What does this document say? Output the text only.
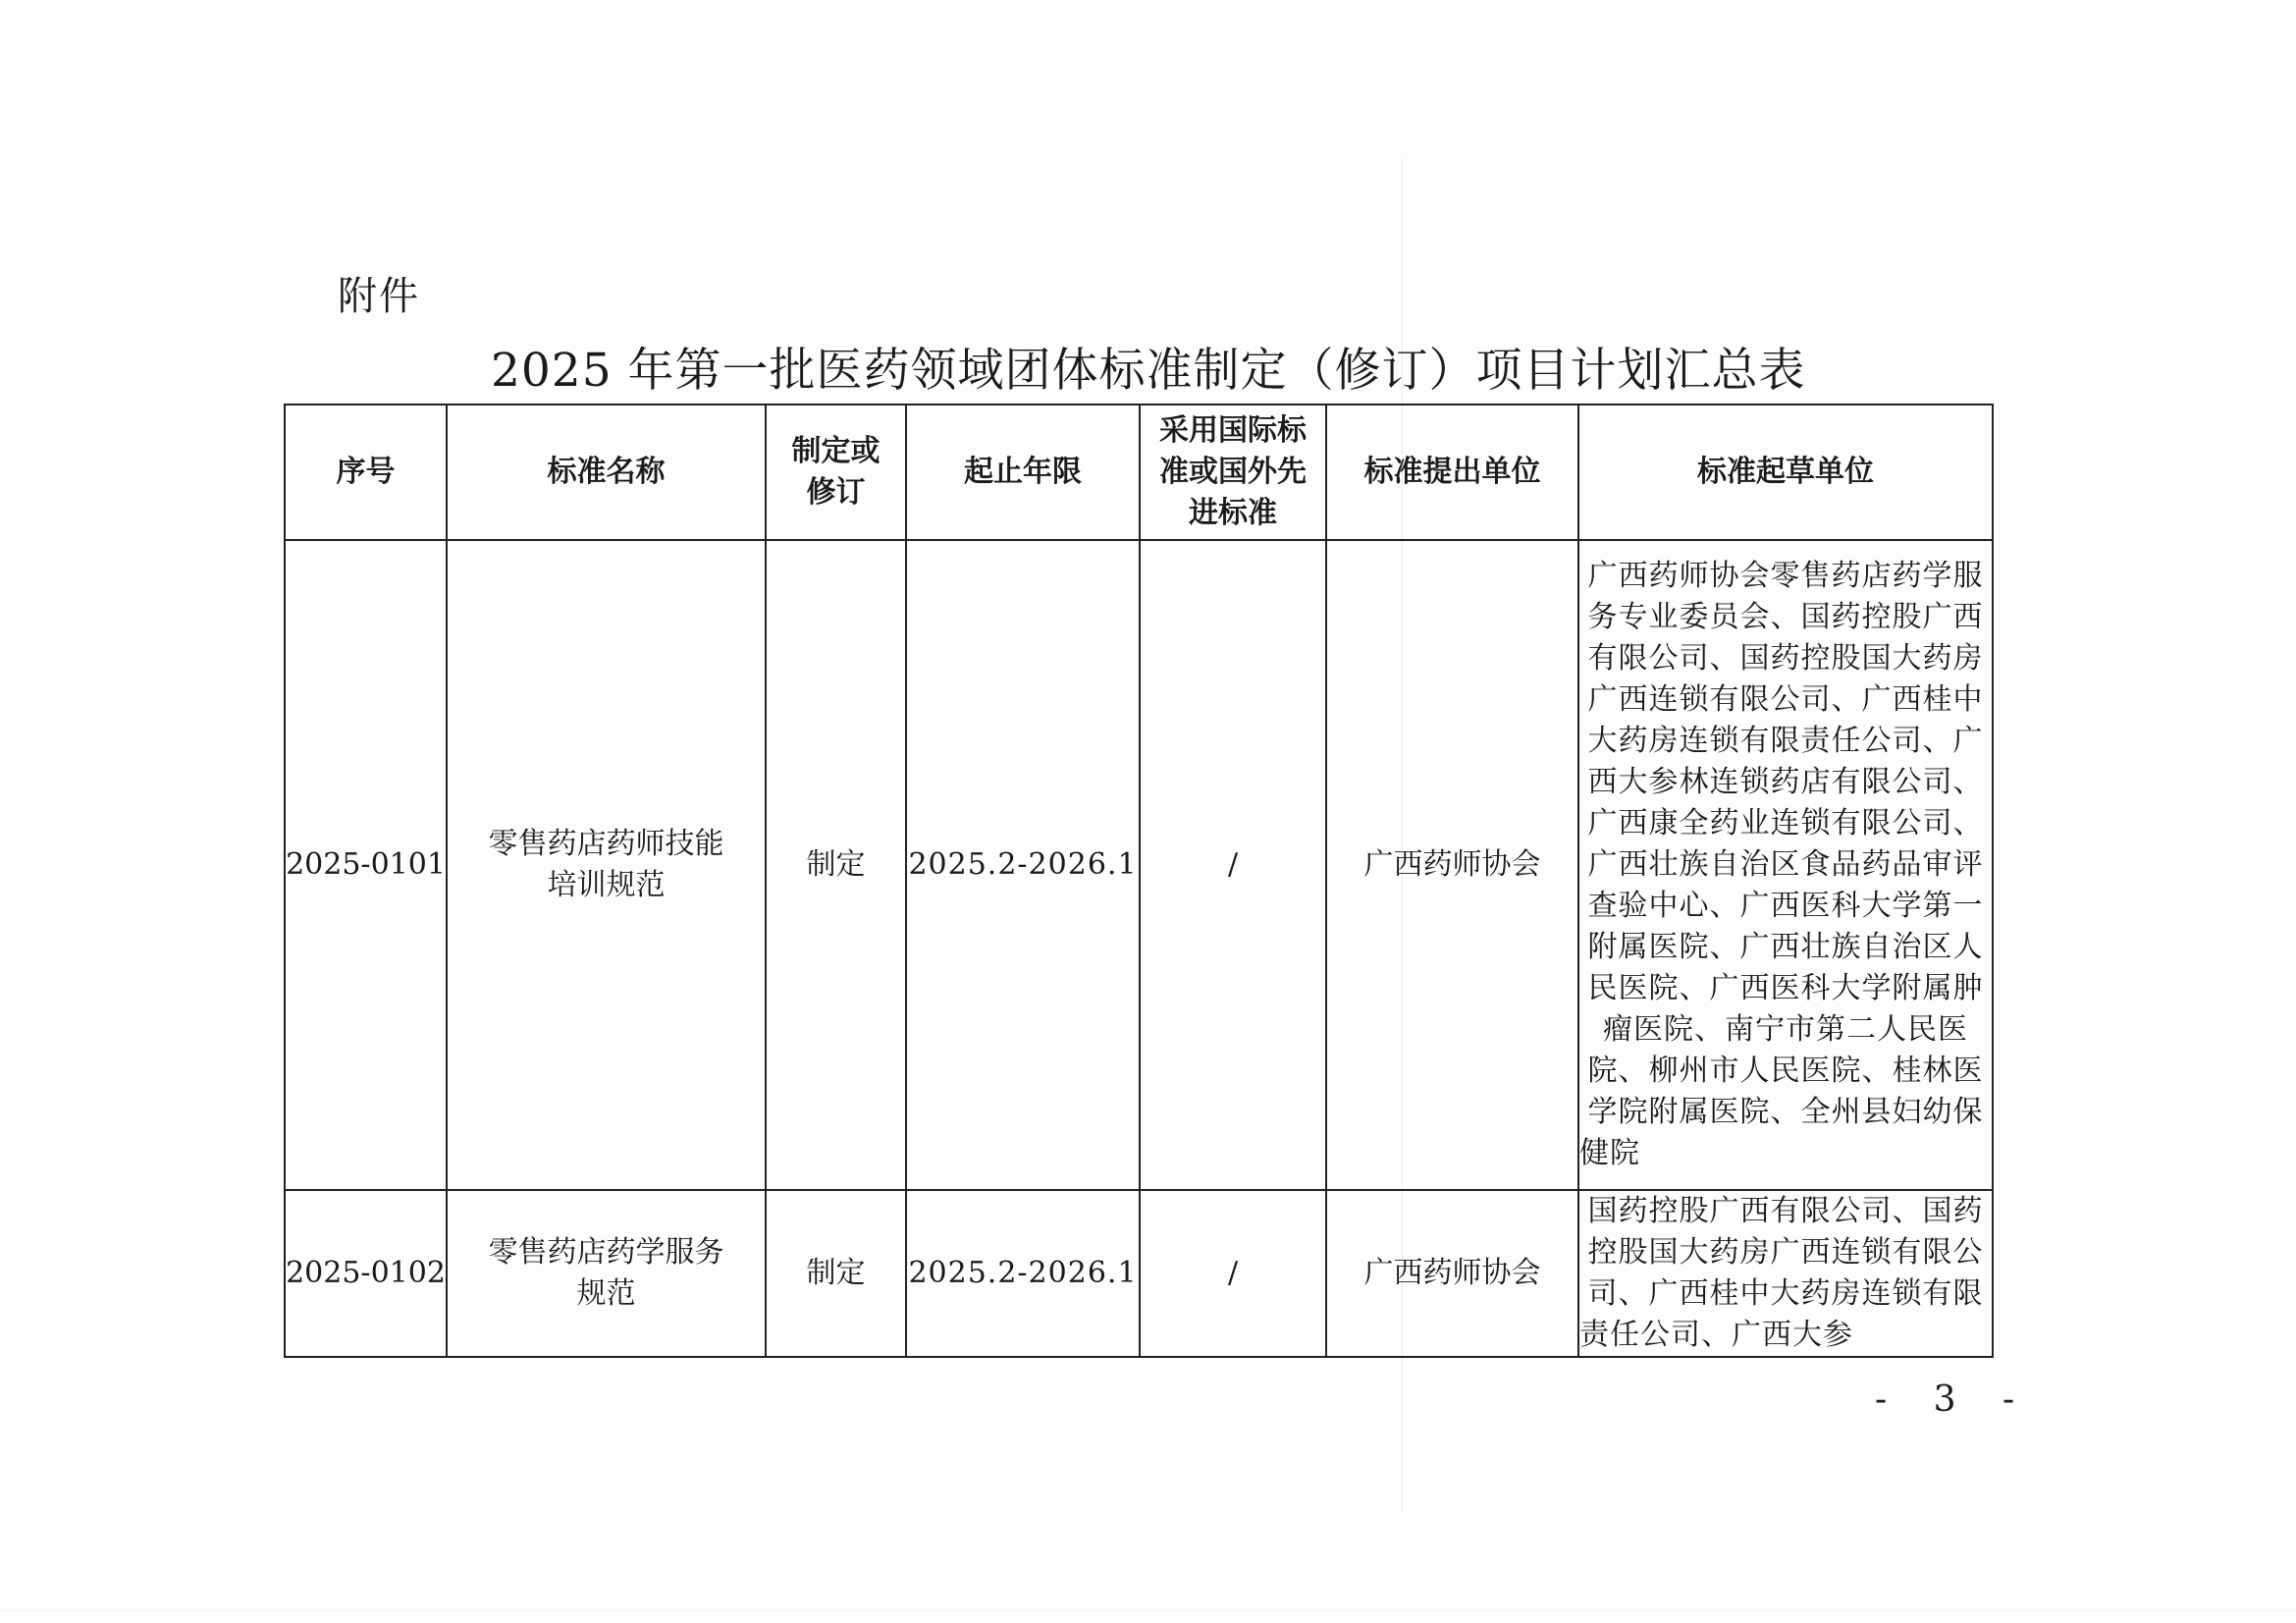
附件
2025 年第一批医药领域团体标准制定（修订）项目计划汇总表
序号	标准名称	制定或修订	起止年限	采用国际标准或国外先进标准	标准提出单位	标准起草单位
2025-0101	零售药店药师技能培训规范	制定	2025.2-2026.1	/	广西药师协会	广西药师协会零售药店药学服务专业委员会、国药控股广西有限公司、国药控股国大药房广西连锁有限公司、广西桂中大药房连锁有限责任公司、广西大参林连锁药店有限公司、广西康全药业连锁有限公司、广西壮族自治区食品药品审评查验中心、广西医科大学第一附属医院、广西壮族自治区人民医院、广西医科大学附属肿瘤医院、南宁市第二人民医院、柳州市人民医院、桂林医学院附属医院、全州县妇幼保健院
2025-0102	零售药店药学服务规范	制定	2025.2-2026.1	/	广西药师协会	国药控股广西有限公司、国药控股国大药房广西连锁有限公司、广西桂中大药房连锁有限责任公司、广西大参
- 3 -
